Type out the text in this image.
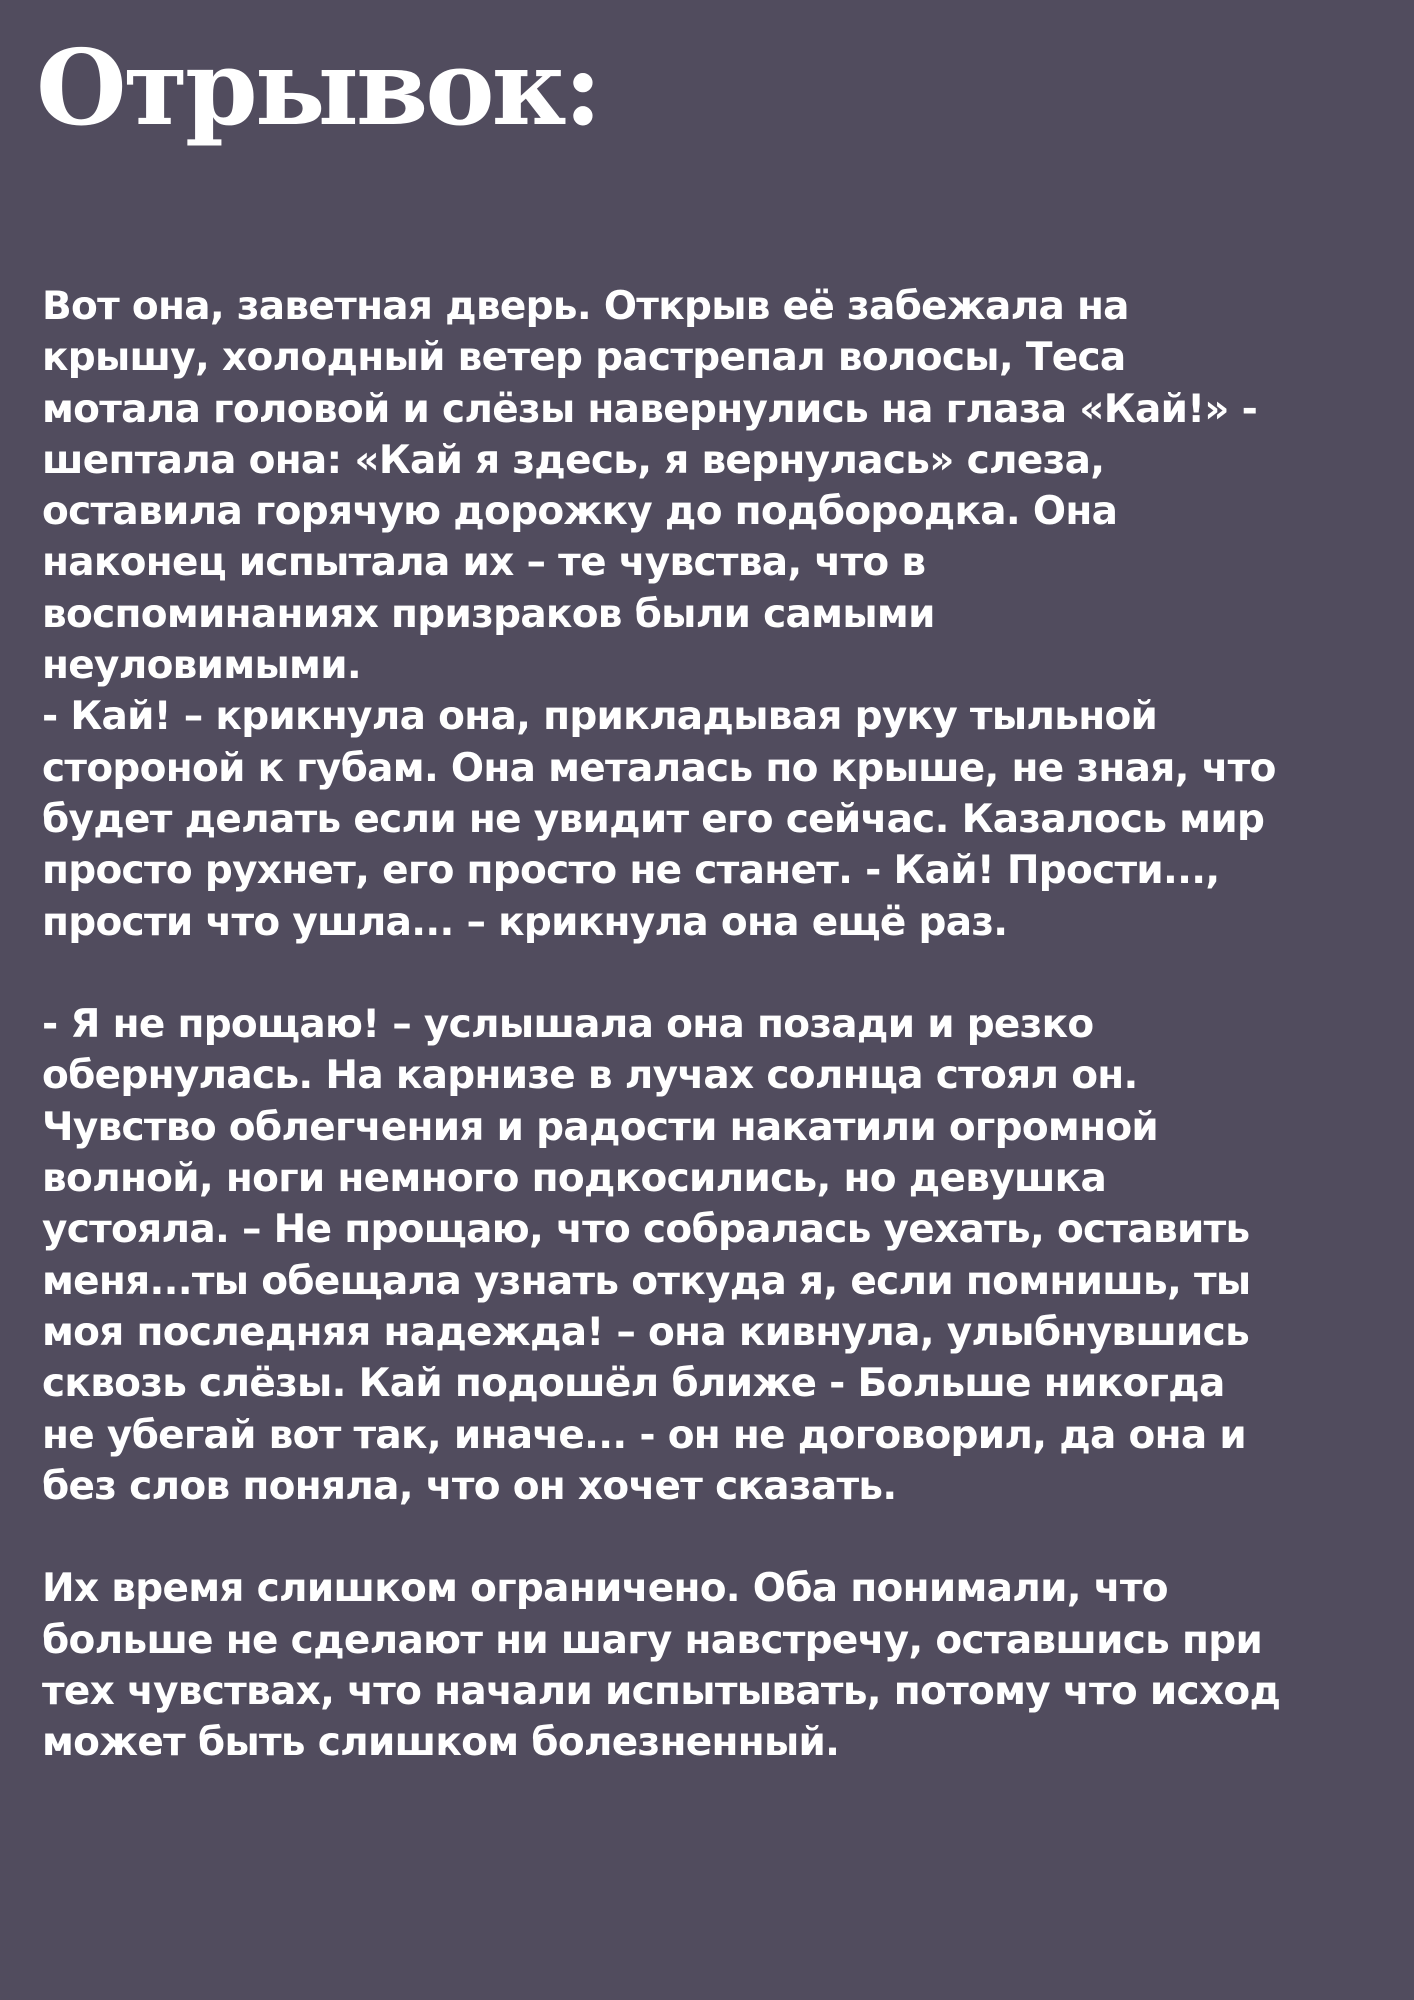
Отрывок:
Вот она, заветная дверь. Открыв её забежала на
крышу, холодный ветер растрепал волосы, Теса
мотала головой и слёзы навернулись на глаза «Кай!» -
шептала она: «Кай я здесь, я вернулась» слеза,
оставила горячую дорожку до подбородка. Она
наконец испытала их – те чувства, что в
воспоминаниях призраков были самыми
неуловимыми.
- Кай! – крикнула она, прикладывая руку тыльной
стороной к губам. Она металась по крыше, не зная, что
будет делать если не увидит его сейчас. Казалось мир
просто рухнет, его просто не станет. - Кай! Прости...,
прости что ушла... – крикнула она ещё раз.
- Я не прощаю! – услышала она позади и резко
обернулась. На карнизе в лучах солнца стоял он.
Чувство облегчения и радости накатили огромной
волной, ноги немного подкосились, но девушка
устояла. – Не прощаю, что собралась уехать, оставить
меня...ты обещала узнать откуда я, если помнишь, ты
моя последняя надежда! – она кивнула, улыбнувшись
сквозь слёзы. Кай подошёл ближе - Больше никогда
не убегай вот так, иначе... - он не договорил, да она и
без слов поняла, что он хочет сказать.
Их время слишком ограничено. Оба понимали, что
больше не сделают ни шагу навстречу, оставшись при
тех чувствах, что начали испытывать, потому что исход
может быть слишком болезненный.
